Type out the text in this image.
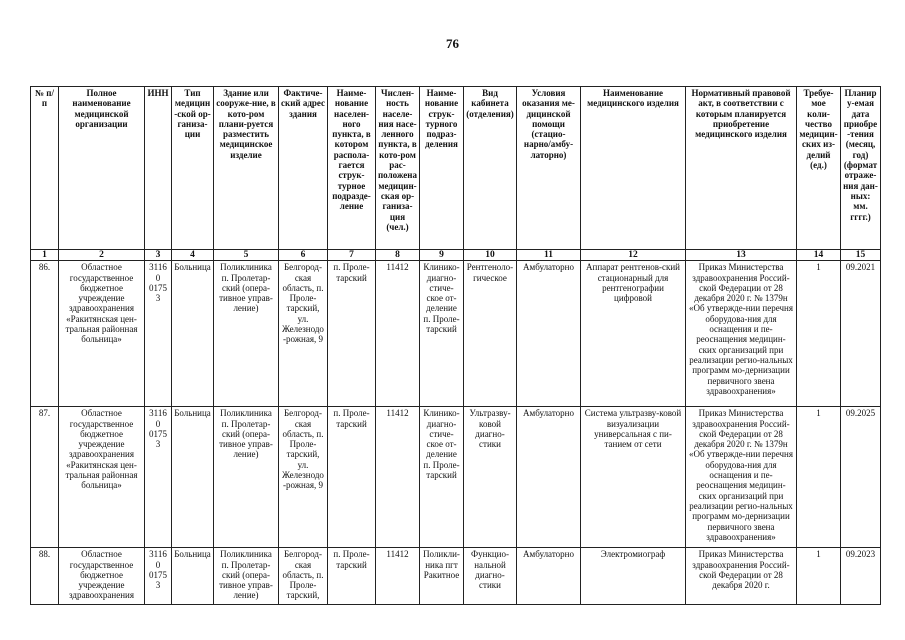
76
№ п/п	Полное наименование медицинской организации	ИНН	Тип медицин-ской ор-ганиза-ции	Здание или сооруже-ние, в кото-ром плани-руется разместить медицинское изделие	Фактиче-ский адрес здания	Наиме-нование населен-ного пункта, в котором распола-гается струк-турное подразде-ление	Числен-ность населе-ния насе-ленного пункта, в кото-ром рас-положена медицин-ская ор-ганиза-ция (чел.)	Наиме-нование струк-турного подраз-деления	Вид кабинета (отделения)	Условия оказания ме-дицинской помощи (стацио-нарно/амбу-латорно)	Наименование медицинского изделия	Нормативный правовой акт, в соответствии с которым планируется приобретение медицинского изделия	Требуе-мое коли-чество медицин-ских из-делий (ед.)	Планиру-емая дата приобре-тения (месяц, год) (формат отраже-ния дан-ных: мм. гггг.)
1	2	3	4	5	6	7	8	9	10	11	12	13	14	15
86.	Областное государственное бюджетное учреждение здравоохранения «Ракитянская цен-тральная районная больница»	31160 01753	Больница	Поликлиника п. Пролетар-ский (опера-тивное управ-ление)	Белгород-ская область, п. Проле-тарский, ул. Железнодо-рожная, 9	п. Проле-тарский	11412	Клинико-диагно-стиче-ское от-деление п. Проле-тарский	Рентгеноло-гическое	Амбулаторно	Аппарат рентгенов-ский стационарный для рентгенографии цифровой	Приказ Министерства здравоохранения Россий-ской Федерации от 28 декабря 2020 г. № 1379н «Об утвержде-нии перечня оборудова-ния для оснащения и пе-реоснащения медицин-ских организаций при реализации регио-нальных программ мо-дернизации первичного звена здравоохранения»	1	09.2021
87.	Областное государственное бюджетное учреждение здравоохранения «Ракитянская цен-тральная районная больница»	31160 01753	Больница	Поликлиника п. Пролетар-ский (опера-тивное управ-ление)	Белгород-ская область, п. Проле-тарский, ул. Железнодо-рожная, 9	п. Проле-тарский	11412	Клинико-диагно-стиче-ское от-деление п. Проле-тарский	Ультразву-ковой диагно-стики	Амбулаторно	Система ультразву-ковой визуализации универсальная с пи-танием от сети	Приказ Министерства здравоохранения Россий-ской Федерации от 28 декабря 2020 г. № 1379н «Об утвержде-нии перечня оборудова-ния для оснащения и пе-реоснащения медицин-ских организаций при реализации регио-нальных программ мо-дернизации первичного звена здравоохранения»	1	09.2025
88.	Областное государственное бюджетное учреждение здравоохранения	31160 01753	Больница	Поликлиника п. Пролетар-ский (опера-тивное управ-ление)	Белгород-ская область, п. Проле-тарский,	п. Проле-тарский	11412	Поликли-ника пгт Ракитное	Функцио-нальной диагно-стики	Амбулаторно	Электромиограф	Приказ Министерства здравоохранения Россий-ской Федерации от 28 декабря 2020 г.	1	09.2023
